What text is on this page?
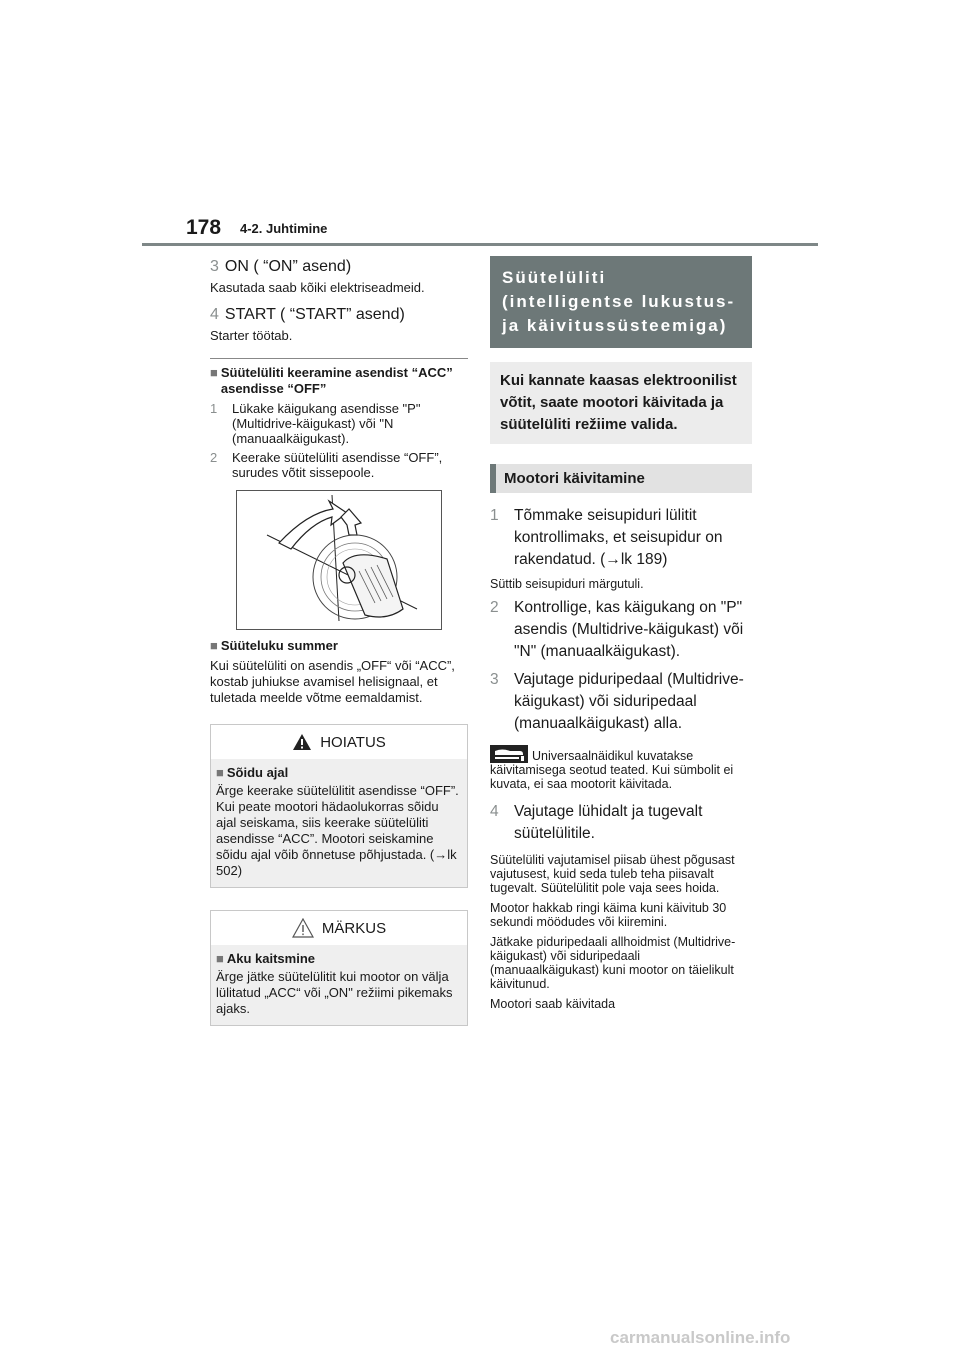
178 4-2. Juhtimine

3 ON ( “ON” asend)

Kasutada saab kõiki elektriseadmeid.

4 START ( “START” asend)

Starter töötab.

■ Süütelüliti keeramine asendist “ACC” asendisse “OFF”
1	Lükake käigukang asendisse "P" (Multidrive-käigukast) või "N (manuaalkäigukast).
2	Keerake süütelüliti asendisse “OFF”, surudes võtit sissepoole.
■ Süüteluku summer

Kui süütelüliti on asendis „OFF“ või “ACC”, kostab juhiukse avamisel helisignaal, et tuletada meelde võtme eemaldamist.

HOIATUS
■ Sõidu ajal
Ärge keerake süütelülitit asendisse “OFF”. Kui peate mootori hädaolukorras sõidu ajal seiskama, siis keerake süütelüliti asendisse “ACC”. Mootori seiskamine sõidu ajal võib õnnetuse põhjustada. (→lk 502)
MÄRKUS
■ Aku kaitsmine
Ärge jätke süütelülitit kui mootor on välja lülitatud „ACC“ või „ON" režiimi pikemaks ajaks.
Süütelüliti (intelligentse lukustus- ja käivitussüsteemiga)
Kui kannate kaasas elektroonilist võtit, saate mootori käivitada ja süütelüliti režiime valida.
Mootori käivitamine
1 Tõmmake seisupiduri lülitit kontrollimaks, et seisupidur on rakendatud. (→lk 189)
Süttib seisupiduri märgutuli.
2 Kontrollige, kas käigukang on "P" asendis (Multidrive-käigukast) või "N" (manuaalkäigukast).
3 Vajutage piduripedaal (Multidrive-käigukast) või siduripedaal (manuaalkäigukast) alla.
Universaalnäidikul kuvatakse käivitamisega seotud teated. Kui sümbolit ei kuvata, ei saa mootorit käivitada.
4 Vajutage lühidalt ja tugevalt süütelülitile.
Süütelüliti vajutamisel piisab ühest põgusast vajutusest, kuid seda tuleb teha piisavalt tugevalt. Süütelülitit pole vaja sees hoida.
Mootor hakkab ringi käima kuni käivitub 30 sekundi möödudes või kiiremini.
Jätkake piduripedaali allhoidmist (Multidrive-käigukast) või siduripedaali (manuaalkäigukast) kuni mootor on täielikult käivitunud.
Mootori saab käivitada
carmanualsonline.info
